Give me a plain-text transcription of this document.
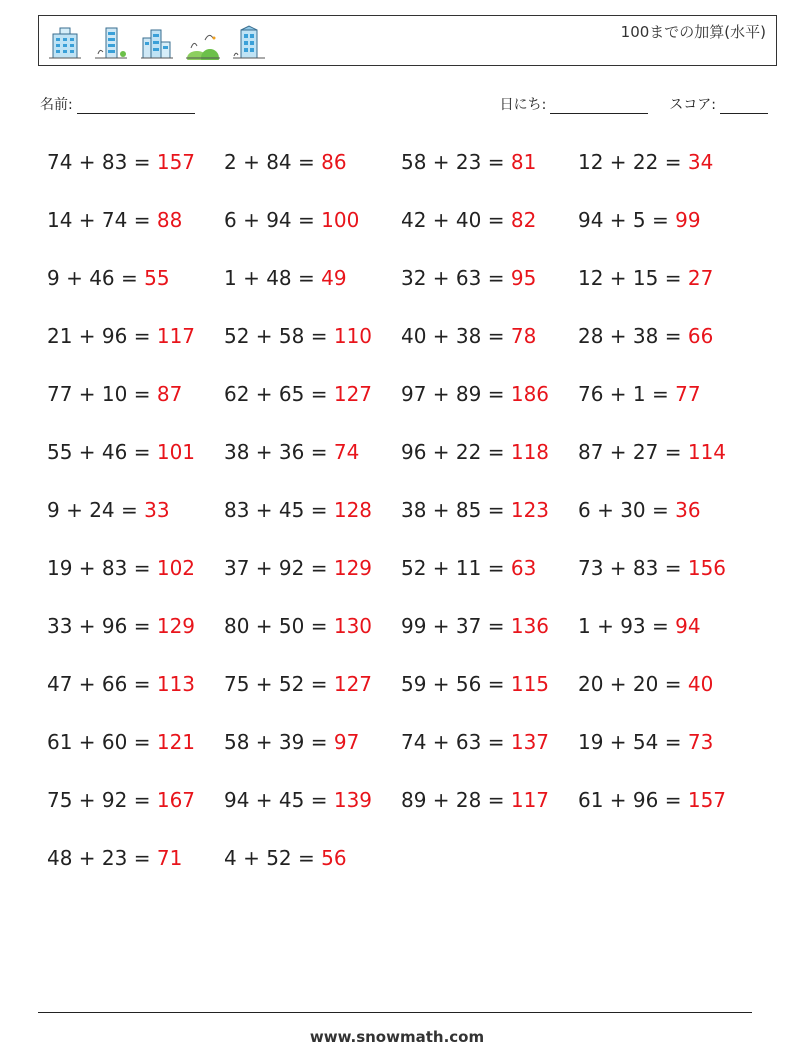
100までの加算(水平)
名前:	日にち:	スコア:
74 + 83 = 157	2 + 84 = 86	58 + 23 = 81	12 + 22 = 34
14 + 74 = 88	6 + 94 = 100	42 + 40 = 82	94 + 5 = 99
9 + 46 = 55	1 + 48 = 49	32 + 63 = 95	12 + 15 = 27
21 + 96 = 117	52 + 58 = 110	40 + 38 = 78	28 + 38 = 66
77 + 10 = 87	62 + 65 = 127	97 + 89 = 186	76 + 1 = 77
55 + 46 = 101	38 + 36 = 74	96 + 22 = 118	87 + 27 = 114
9 + 24 = 33	83 + 45 = 128	38 + 85 = 123	6 + 30 = 36
19 + 83 = 102	37 + 92 = 129	52 + 11 = 63	73 + 83 = 156
33 + 96 = 129	80 + 50 = 130	99 + 37 = 136	1 + 93 = 94
47 + 66 = 113	75 + 52 = 127	59 + 56 = 115	20 + 20 = 40
61 + 60 = 121	58 + 39 = 97	74 + 63 = 137	19 + 54 = 73
75 + 92 = 167	94 + 45 = 139	89 + 28 = 117	61 + 96 = 157
48 + 23 = 71	4 + 52 = 56
www.snowmath.com
